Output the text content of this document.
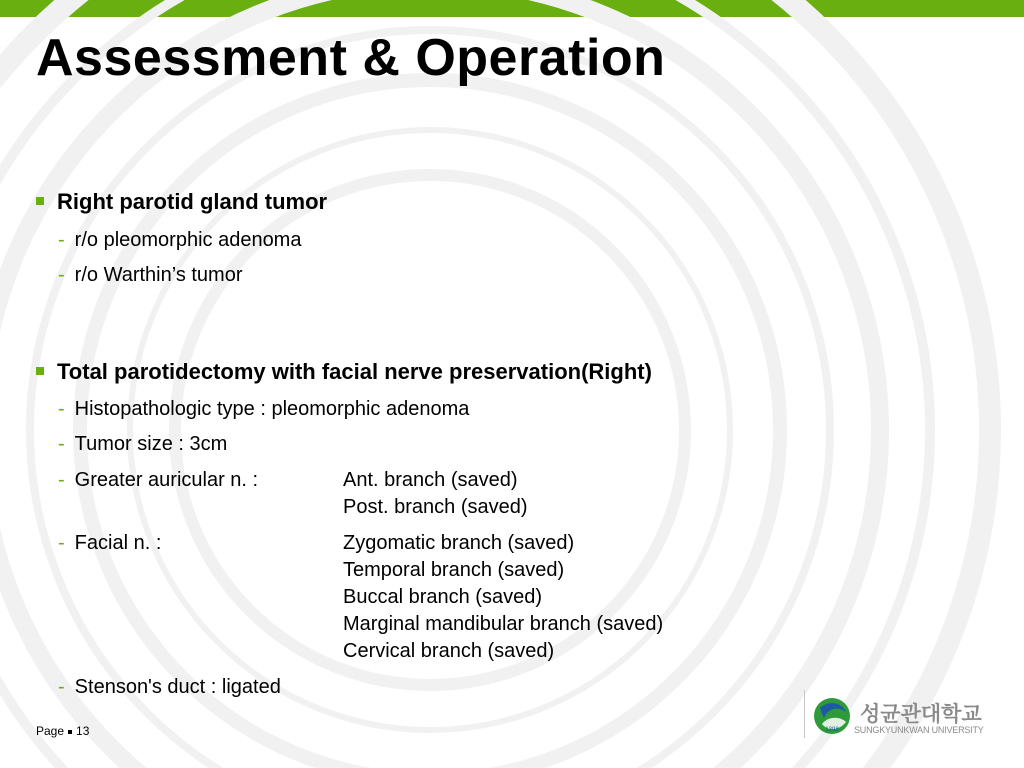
Assessment & Operation
Right parotid gland tumor
- r/o pleomorphic adenoma
- r/o Warthin’s tumor
Total parotidectomy with facial nerve preservation(Right)
- Histopathologic type : pleomorphic adenoma
- Tumor size : 3cm
- Greater auricular n. :	Ant. branch (saved)
Post. branch (saved)
- Facial n. :	Zygomatic branch (saved)
Temporal branch (saved)
Buccal branch (saved)
Marginal mandibular branch (saved)
Cervical branch (saved)
- Stenson's duct : ligated
Page 13	1398
성균관대학교
SUNGKYUNKWAN UNIVERSITY
